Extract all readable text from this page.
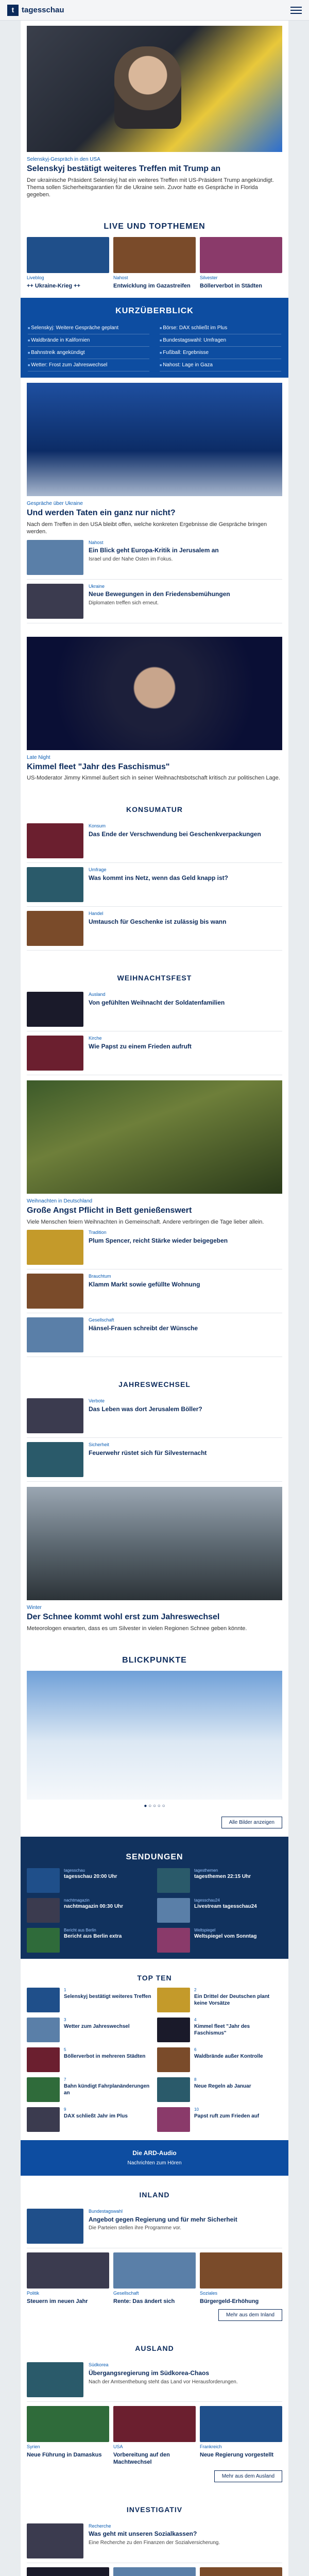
t tagesschau
Selenskyj-Gespräch in den USA
Selenskyj bestätigt weiteres Treffen mit Trump an
Der ukrainische Präsident Selenskyj hat ein weiteres Treffen mit US-Präsident Trump angekündigt. Thema sollen Sicherheitsgarantien für die Ukraine sein. Zuvor hatte es Gespräche in Florida gegeben.
LIVE UND TOPTHEMEN
Liveblog
++ Ukraine-Krieg ++
Nahost
Entwicklung im Gazastreifen
Silvester
Böllerverbot in Städten
KURZÜBERBLICK
■ Selenskyj: Weitere Gespräche geplant
■ Waldbrände in Kalifornien
■ Bahnstreik angekündigt
■ Wetter: Frost zum Jahreswechsel
■ Börse: DAX schließt im Plus
■ Bundestagswahl: Umfragen
■ Fußball: Ergebnisse
■ Nahost: Lage in Gaza
Gespräche über Ukraine
Und werden Taten ein ganz nur nicht?
Nach dem Treffen in den USA bleibt offen, welche konkreten Ergebnisse die Gespräche bringen werden.
Nahost
Ein Blick geht Europa-Kritik in Jerusalem an
Israel und der Nahe Osten im Fokus.
Ukraine
Neue Bewegungen in den Friedensbemühungen
Diplomaten treffen sich erneut.
Late Night
Kimmel fleet "Jahr des Faschismus"
US-Moderator Jimmy Kimmel äußert sich in seiner Weihnachtsbotschaft kritisch zur politischen Lage.
KONSUMATUR
Konsum
Das Ende der Verschwendung bei Geschenkverpackungen
Umfrage
Was kommt ins Netz, wenn das Geld knapp ist?
Handel
Umtausch für Geschenke ist zulässig bis wann
WEIHNACHTSFEST
Ausland
Von gefühlten Weihnacht der Soldatenfamilien
Kirche
Wie Papst zu einem Frieden aufruft
Weihnachten in Deutschland
Große Angst Pflicht in Bett genießenswert
Viele Menschen feiern Weihnachten in Gemeinschaft. Andere verbringen die Tage lieber allein.
Tradition
Plum Spencer, reicht Stärke wieder beigegeben
Brauchtum
Klamm Markt sowie gefüllte Wohnung
Gesellschaft
Hänsel-Frauen schreibt der Wünsche
JAHRESWECHSEL
Verbote
Das Leben was dort Jerusalem Böller?
Sicherheit
Feuerwehr rüstet sich für Silvesternacht
Winter
Der Schnee kommt wohl erst zum Jahreswechsel
Meteorologen erwarten, dass es um Silvester in vielen Regionen Schnee geben könnte.
BLICKPUNKTE
● ○ ○ ○ ○
Alle Bilder anzeigen
SENDUNGEN
tagesschau
tagesschau 20:00 Uhr
tagesthemen
tagesthemen 22:15 Uhr
nachtmagazin
nachtmagazin 00:30 Uhr
tagesschau24
Livestream tagesschau24
Bericht aus Berlin
Bericht aus Berlin extra
Weltspiegel
Weltspiegel vom Sonntag
TOP TEN
1
Selenskyj bestätigt weiteres Treffen
2
Ein Drittel der Deutschen plant keine Vorsätze
3
Wetter zum Jahreswechsel
4
Kimmel fleet "Jahr des Faschismus"
5
Böllerverbot in mehreren Städten
6
Waldbrände außer Kontrolle
7
Bahn kündigt Fahrplanänderungen an
8
Neue Regeln ab Januar
9
DAX schließt Jahr im Plus
10
Papst ruft zum Frieden auf
Die ARD-Audio
Nachrichten zum Hören
INLAND
Bundestagswahl
Angebot gegen Regierung und für mehr Sicherheit
Die Parteien stellen ihre Programme vor.
Politik
Steuern im neuen Jahr
Gesellschaft
Rente: Das ändert sich
Soziales
Bürgergeld-Erhöhung
Mehr aus dem Inland
AUSLAND
Südkorea
Übergangsregierung im Südkorea-Chaos
Nach der Amtsenthebung steht das Land vor Herausforderungen.
Syrien
Neue Führung in Damaskus
USA
Vorbereitung auf den Machtwechsel
Frankreich
Neue Regierung vorgestellt
Mehr aus dem Ausland
INVESTIGATIV
Recherche
Was geht mit unseren Sozialkassen?
Eine Recherche zu den Finanzen der Sozialversicherung.
